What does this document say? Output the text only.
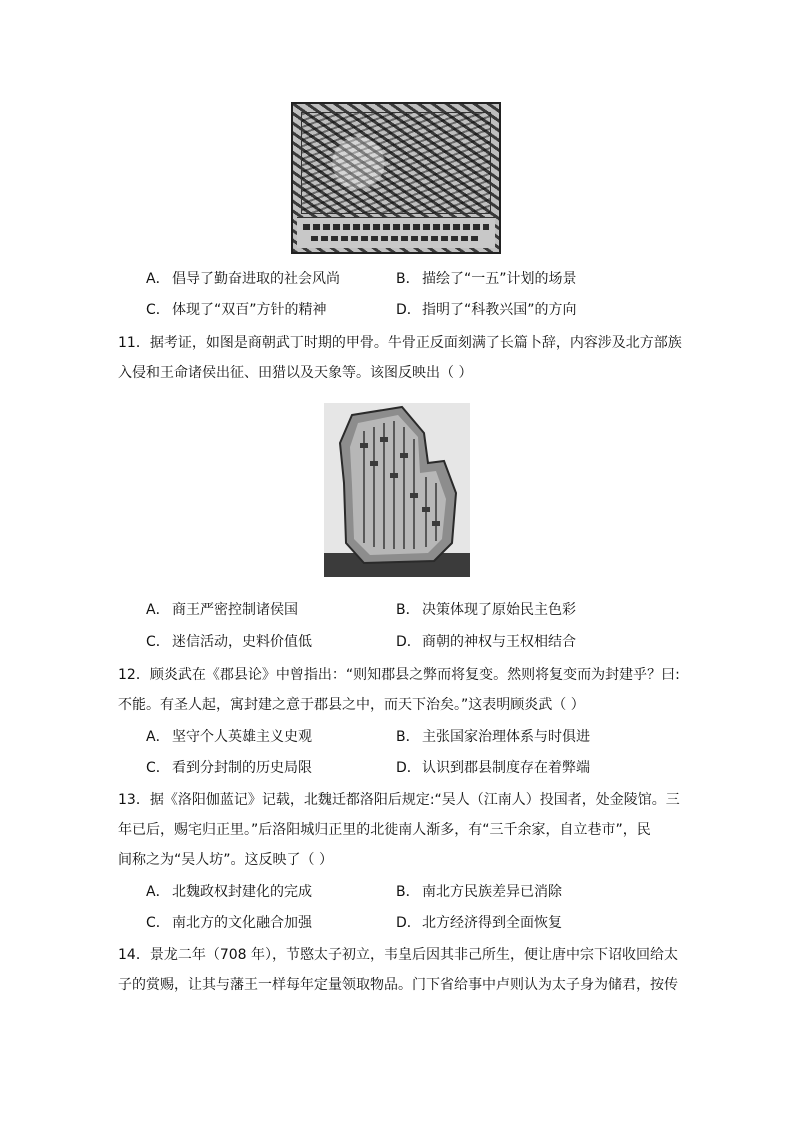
A． 倡导了勤奋进取的社会风尚	B． 描绘了“一五”计划的场景
C． 体现了“双百”方针的精神	D．指明了“科教兴国”的方向
11．据考证，如图是商朝武丁时期的甲骨。牛骨正反面刻满了长篇卜辞，内容涉及北方部族
入侵和王命诸侯出征、田猎以及天象等。该图反映出（ ）
A． 商王严密控制诸侯国	B． 决策体现了原始民主色彩
C． 迷信活动，史料价值低	D．商朝的神权与王权相结合
12．顾炎武在《郡县论》中曾指出：“则知郡县之弊而将复变。然则将复变而为封建乎？曰:
不能。有圣人起，寓封建之意于郡县之中，而天下治矣。”这表明顾炎武（ ）
A． 坚守个人英雄主义史观	B． 主张国家治理体系与时俱进
C． 看到分封制的历史局限	D．认识到郡县制度存在着弊端
13．据《洛阳伽蓝记》记载，北魏迁都洛阳后规定:“吴人（江南人）投国者，处金陵馆。三
年已后，赐宅归正里。”后洛阳城归正里的北徙南人渐多，有“三千余家，自立巷市”，民
间称之为“吴人坊”。这反映了（ ）
A． 北魏政权封建化的完成	B． 南北方民族差异已消除
C． 南北方的文化融合加强	D．北方经济得到全面恢复
14．景龙二年（708 年），节愍太子初立，韦皇后因其非己所生，便让唐中宗下诏收回给太
子的赏赐，让其与藩王一样每年定量领取物品。门下省给事中卢则认为太子身为储君，按传
